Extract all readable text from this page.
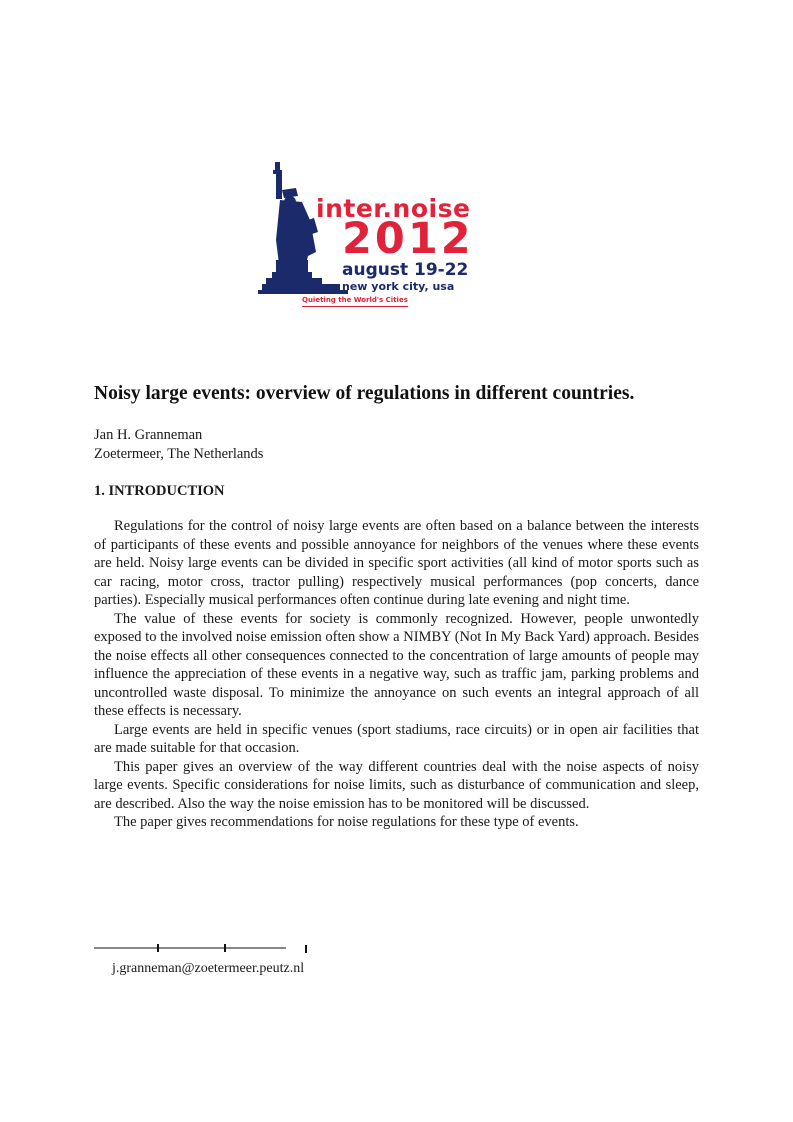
inter.noise
2012
august 19-22
new york city, usa
Quieting the World's Cities
Noisy large events: overview of regulations in different countries.
Jan H. Granneman
Zoetermeer, The Netherlands
1. INTRODUCTION

Regulations for the control of noisy large events are often based on a balance between the interests of participants of these events and possible annoyance for neighbors of the venues where these events are held. Noisy large events can be divided in specific sport activities (all kind of motor sports such as car racing, motor cross, tractor pulling) respectively musical performances (pop concerts, dance parties). Especially musical performances often continue during late evening and night time.

The value of these events for society is commonly recognized. However, people unwontedly exposed to the involved noise emission often show a NIMBY (Not In My Back Yard) approach. Besides the noise effects all other consequences connected to the concentration of large amounts of people may influence the appreciation of these events in a negative way, such as traffic jam, parking problems and uncontrolled waste disposal. To minimize the annoyance on such events an integral approach of all these effects is necessary.

Large events are held in specific venues (sport stadiums, race circuits) or in open air facilities that are made suitable for that occasion.

This paper gives an overview of the way different countries deal with the noise aspects of noisy large events. Specific considerations for noise limits, such as disturbance of communication and sleep, are described. Also the way the noise emission has to be monitored will be discussed.

The paper gives recommendations for noise regulations for these type of events.

j.granneman@zoetermeer.peutz.nl
